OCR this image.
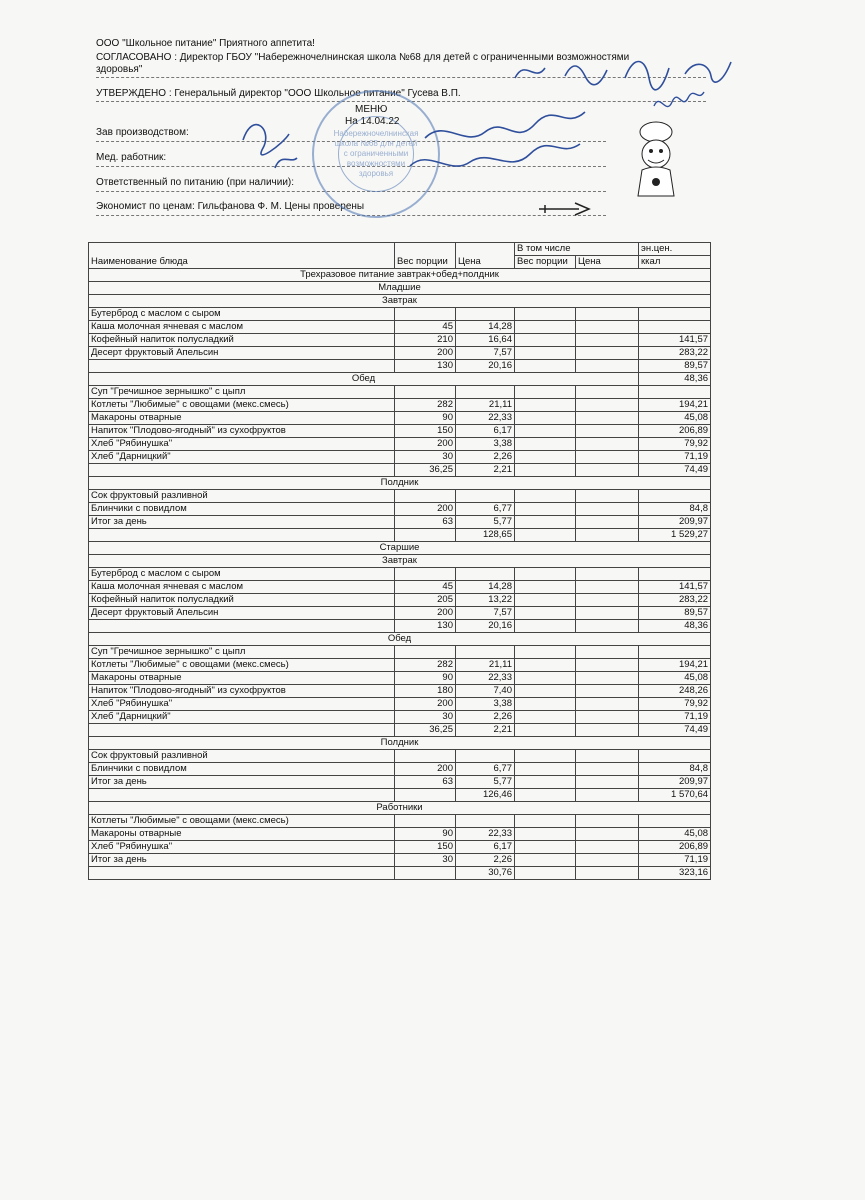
ООО "Школьное питание" Приятного аппетита!
СОГЛАСОВАНО : Директор ГБОУ "Набережночелнинская школа №68 для детей с ограниченными возможностями
здоровья"
УТВЕРЖДЕНО : Генеральный директор "ООО Школьное питание" Гусева В.П.
МЕНЮ
На 14.04.22
Зав производством:
Мед. работник:
Ответственный по питанию (при наличии):
Экономист по ценам: Гильфанова Ф. М. Цены проверены
Набережночелнинская школа №68 для детей с ограниченными возможностями здоровья
Наименование блюда	Вес порции	Цена	В том числе		эн.цен.
			Вес порции	Цена	ккал
Трехразовое питание завтрак+обед+полдник					
Младшие					
Завтрак					
Бутерброд с маслом с сыром					
Каша молочная ячневая с маслом	45	14,28			
Кофейный напиток полусладкий	210	16,64			141,57
Десерт фруктовый Апельсин	200	7,57			283,22
	130	20,16			89,57
Обед					48,36
Суп "Гречишное зернышко" с цыпл					
Котлеты "Любимые" с овощами (мекс.смесь)	282	21,11			194,21
Макароны отварные	90	22,33			45,08
Напиток "Плодово-ягодный" из сухофруктов	150	6,17			206,89
Хлеб "Рябинушка"	200	3,38			79,92
Хлеб "Дарницкий"	30	2,26			71,19
	36,25	2,21			74,49
Полдник					
Сок фруктовый разливной					
Блинчики с повидлом	200	6,77			84,8
Итог за день	63	5,77			209,97
		128,65			1 529,27
Старшие					
Завтрак					
Бутерброд с маслом с сыром					
Каша молочная ячневая с маслом	45	14,28			141,57
Кофейный напиток полусладкий	205	13,22			283,22
Десерт фруктовый Апельсин	200	7,57			89,57
	130	20,16			48,36
Обед					
Суп "Гречишное зернышко" с цыпл					
Котлеты "Любимые" с овощами (мекс.смесь)	282	21,11			194,21
Макароны отварные	90	22,33			45,08
Напиток "Плодово-ягодный" из сухофруктов	180	7,40			248,26
Хлеб "Рябинушка"	200	3,38			79,92
Хлеб "Дарницкий"	30	2,26			71,19
	36,25	2,21			74,49
Полдник					
Сок фруктовый разливной					
Блинчики с повидлом	200	6,77			84,8
Итог за день	63	5,77			209,97
		126,46			1 570,64
Работники					
Котлеты "Любимые" с овощами (мекс.смесь)					
Макароны отварные	90	22,33			45,08
Хлеб "Рябинушка"	150	6,17			206,89
Итог за день	30	2,26			71,19
		30,76			323,16
